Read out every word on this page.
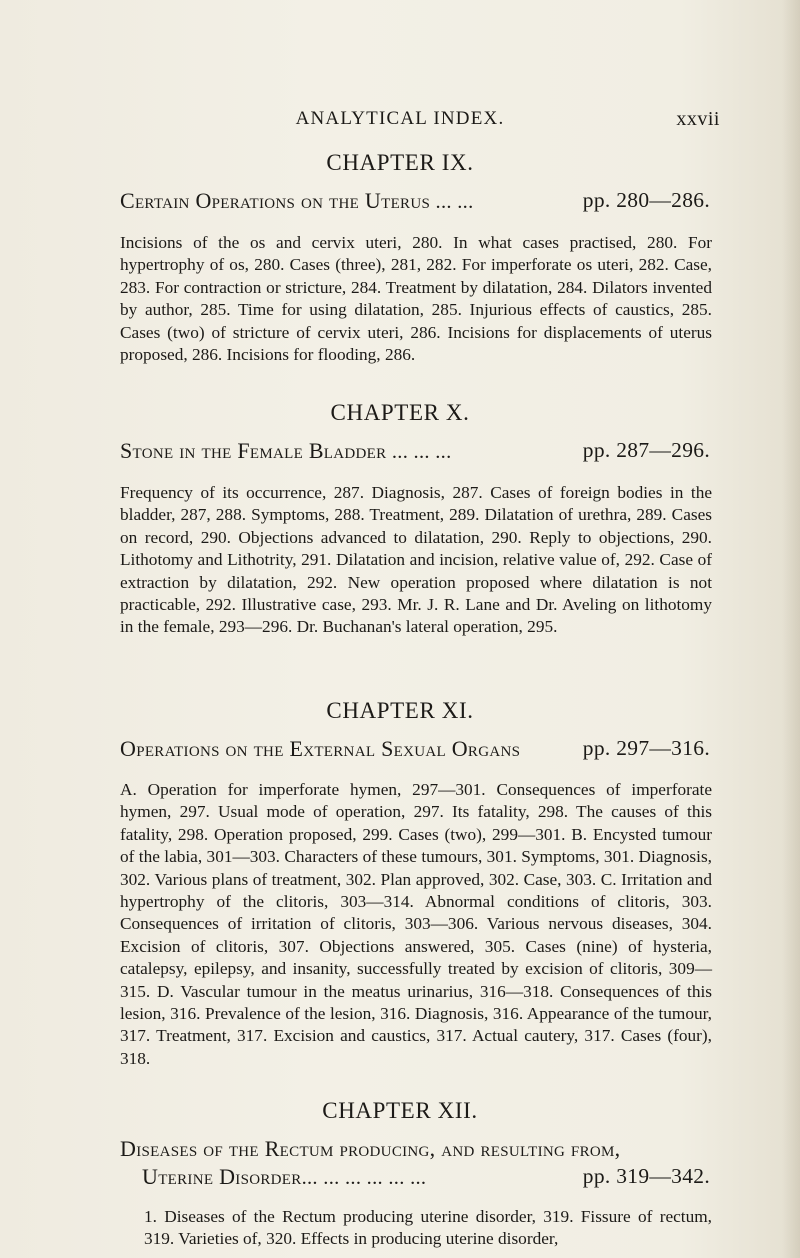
ANALYTICAL INDEX.	xxvii
CHAPTER IX.
Certain Operations on the Uterus ... ...	pp. 280—286.

Incisions of the os and cervix uteri, 280. In what cases practised, 280. For hypertrophy of os, 280. Cases (three), 281, 282. For imperforate os uteri, 282. Case, 283. For contraction or stricture, 284. Treatment by dilatation, 284. Dilators invented by author, 285. Time for using dilatation, 285. Injurious effects of caustics, 285. Cases (two) of stricture of cervix uteri, 286. Incisions for displacements of uterus proposed, 286. Incisions for flooding, 286.

CHAPTER X.
Stone in the Female Bladder ... ... ...	pp. 287—296.

Frequency of its occurrence, 287. Diagnosis, 287. Cases of foreign bodies in the bladder, 287, 288. Symptoms, 288. Treatment, 289. Dilatation of urethra, 289. Cases on record, 290. Objections advanced to dilatation, 290. Reply to objections, 290. Lithotomy and Lithotrity, 291. Dilatation and incision, relative value of, 292. Case of extraction by dilatation, 292. New operation proposed where dilatation is not practicable, 292. Illustrative case, 293. Mr. J. R. Lane and Dr. Aveling on lithotomy in the female, 293—296. Dr. Buchanan's lateral operation, 295.

CHAPTER XI.
Operations on the External Sexual Organs	pp. 297—316.

A. Operation for imperforate hymen, 297—301. Consequences of imperforate hymen, 297. Usual mode of operation, 297. Its fatality, 298. The causes of this fatality, 298. Operation proposed, 299. Cases (two), 299—301. B. Encysted tumour of the labia, 301—303. Characters of these tumours, 301. Symptoms, 301. Diagnosis, 302. Various plans of treatment, 302. Plan approved, 302. Case, 303. C. Irritation and hypertrophy of the clitoris, 303—314. Abnormal conditions of clitoris, 303. Consequences of irritation of clitoris, 303—306. Various nervous diseases, 304. Excision of clitoris, 307. Objections answered, 305. Cases (nine) of hysteria, catalepsy, epilepsy, and insanity, successfully treated by excision of clitoris, 309—315. D. Vascular tumour in the meatus urinarius, 316—318. Consequences of this lesion, 316. Prevalence of the lesion, 316. Diagnosis, 316. Appearance of the tumour, 317. Treatment, 317. Excision and caustics, 317. Actual cautery, 317. Cases (four), 318.

CHAPTER XII.
Diseases of the Rectum producing, and resulting from,
Uterine Disorder... ... ... ... ... ...	pp. 319—342.

1. Diseases of the Rectum producing uterine disorder, 319. Fissure of rectum, 319. Varieties of, 320. Effects in producing uterine disorder,
